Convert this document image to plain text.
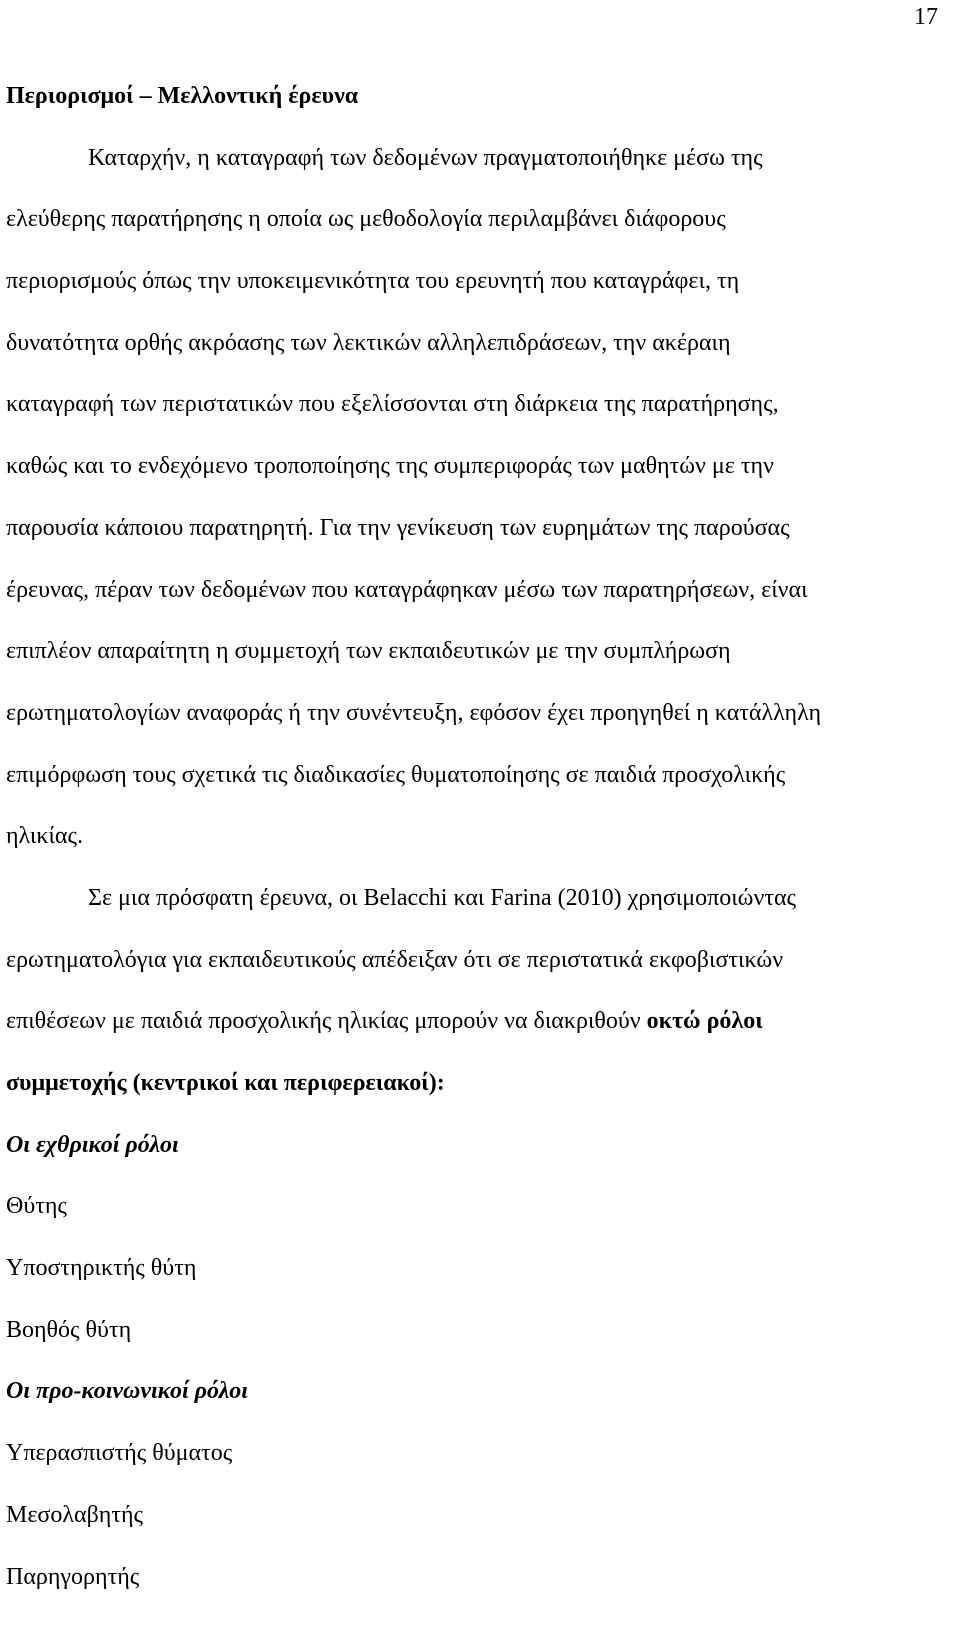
17
Περιορισμοί – Μελλοντική έρευνα
Καταρχήν, η καταγραφή των δεδομένων πραγματοποιήθηκε μέσω της
ελεύθερης παρατήρησης η οποία ως μεθοδολογία περιλαμβάνει διάφορους
περιορισμούς όπως την υποκειμενικότητα του ερευνητή που καταγράφει, τη
δυνατότητα ορθής ακρόασης των λεκτικών αλληλεπιδράσεων, την ακέραιη
καταγραφή των περιστατικών που εξελίσσονται στη διάρκεια της παρατήρησης,
καθώς και το ενδεχόμενο τροποποίησης της συμπεριφοράς των μαθητών με την
παρουσία κάποιου παρατηρητή. Για την γενίκευση των ευρημάτων της παρούσας
έρευνας, πέραν των δεδομένων που καταγράφηκαν μέσω των παρατηρήσεων, είναι
επιπλέον απαραίτητη η συμμετοχή των εκπαιδευτικών με την συμπλήρωση
ερωτηματολογίων αναφοράς ή την συνέντευξη, εφόσον έχει προηγηθεί η κατάλληλη
επιμόρφωση τους σχετικά τις διαδικασίες θυματοποίησης σε παιδιά προσχολικής
ηλικίας.
Σε μια πρόσφατη έρευνα, οι Belacchi και Farina (2010) χρησιμοποιώντας
ερωτηματολόγια για εκπαιδευτικούς απέδειξαν ότι σε περιστατικά εκφοβιστικών
επιθέσεων με παιδιά προσχολικής ηλικίας μπορούν να διακριθούν οκτώ ρόλοι
συμμετοχής (κεντρικοί και περιφερειακοί):
Οι εχθρικοί ρόλοι
Θύτης
Υποστηρικτής θύτη
Βοηθός θύτη
Οι προ-κοινωνικοί ρόλοι
Υπερασπιστής θύματος
Μεσολαβητής
Παρηγορητής
